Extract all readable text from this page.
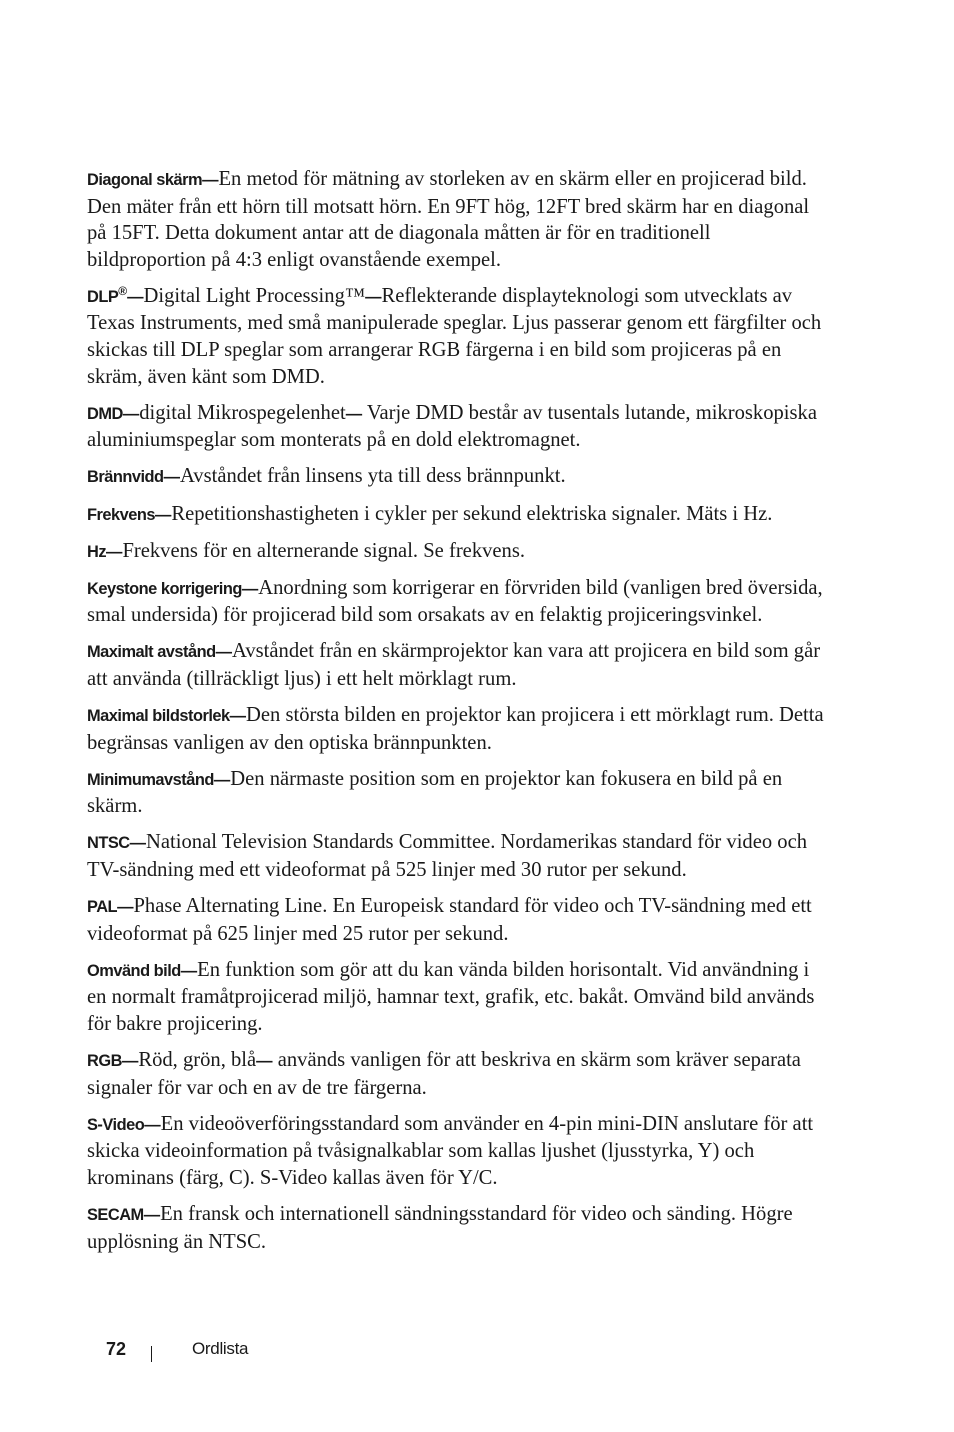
Diagonal skärm—En metod för mätning av storleken av en skärm eller en projicerad bild. Den mäter från ett hörn till motsatt hörn. En 9FT hög, 12FT bred skärm har en diagonal på 15FT. Detta dokument antar att de diagonala måtten är för en traditionell bildproportion på 4:3 enligt ovanstående exempel.

DLP®—Digital Light Processing™—Reflekterande displayteknologi som utvecklats av Texas Instruments, med små manipulerade speglar. Ljus passerar genom ett färgfilter och skickas till DLP speglar som arrangerar RGB färgerna i en bild som projiceras på en skräm, även känt som DMD.

DMD—digital Mikrospegelenhet— Varje DMD består av tusentals lutande, mikroskopiska aluminiumspeglar som monterats på en dold elektromagnet.

Brännvidd—Avståndet från linsens yta till dess brännpunkt.

Frekvens—Repetitionshastigheten i cykler per sekund elektriska signaler. Mäts i Hz.

Hz—Frekvens för en alternerande signal. Se frekvens.

Keystone korrigering—Anordning som korrigerar en förvriden bild (vanligen bred översida, smal undersida) för projicerad bild som orsakats av en felaktig projiceringsvinkel.

Maximalt avstånd—Avståndet från en skärmprojektor kan vara att projicera en bild som går att använda (tillräckligt ljus) i ett helt mörklagt rum.

Maximal bildstorlek—Den största bilden en projektor kan projicera i ett mörklagt rum. Detta begränsas vanligen av den optiska brännpunkten.

Minimumavstånd—Den närmaste position som en projektor kan fokusera en bild på en skärm.

NTSC—National Television Standards Committee. Nordamerikas standard för video och TV-sändning med ett videoformat på 525 linjer med 30 rutor per sekund.

PAL—Phase Alternating Line. En Europeisk standard för video och TV-sändning med ett videoformat på 625 linjer med 25 rutor per sekund.

Omvänd bild—En funktion som gör att du kan vända bilden horisontalt. Vid användning i en normalt framåtprojicerad miljö, hamnar text, grafik, etc. bakåt. Omvänd bild används för bakre projicering.

RGB—Röd, grön, blå— används vanligen för att beskriva en skärm som kräver separata signaler för var och en av de tre färgerna.

S-Video—En videoöverföringsstandard som använder en 4-pin mini-DIN anslutare för att skicka videoinformation på tvåsignalkablar som kallas ljushet (ljusstyrka, Y) och krominans (färg, C). S-Video kallas även för Y/C.

SECAM—En fransk och internationell sändningsstandard för video och sänding. Högre upplösning än NTSC.

72	Ordlista
